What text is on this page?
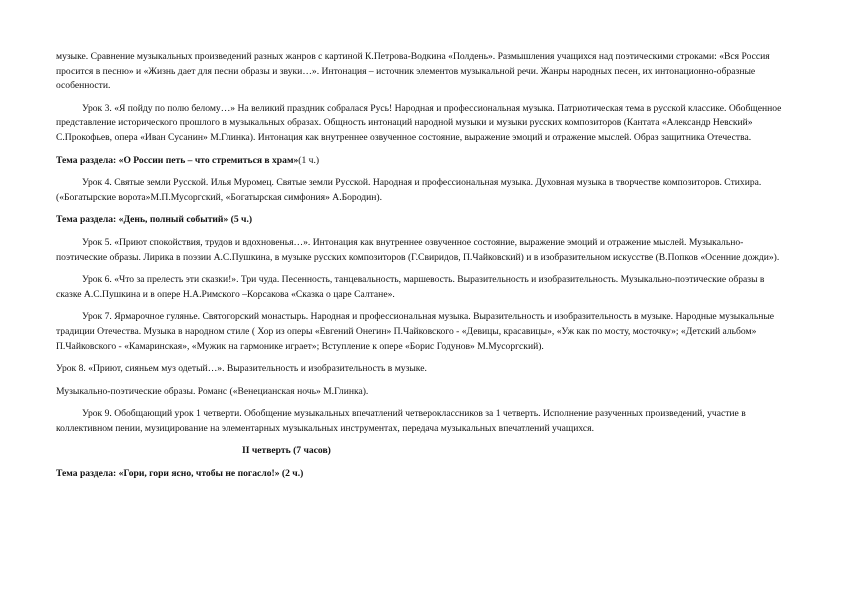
музыке. Сравнение музыкальных произведений разных жанров с картиной К.Петрова-Водкина «Полдень». Размышления учащихся над поэтическими строками: «Вся Россия просится в песню» и «Жизнь дает для песни образы и звуки…». Интонация – источник элементов музыкальной речи. Жанры народных песен, их интонационно-образные особенности.

Урок 3. «Я пойду по полю белому…» На великий праздник собралася Русь! Народная и профессиональная музыка. Патриотическая тема в русской классике. Обобщенное представление исторического прошлого в музыкальных образах. Общность интонаций народной музыки и музыки русских композиторов (Кантата «Александр Невский» С.Прокофьев, опера «Иван Сусанин» М.Глинка). Интонация как внутреннее озвученное состояние, выражение эмоций и отражение мыслей. Образ защитника Отечества.

Тема раздела: «О России петь – что стремиться в храм»(1 ч.)

Урок 4. Святые земли Русской. Илья Муромец. Святые земли Русской. Народная и профессиональная музыка. Духовная музыка в творчестве композиторов. Стихира.(«Богатырские ворота»М.П.Мусоргский, «Богатырская симфония» А.Бородин).

Тема раздела: «День, полный событий» (5 ч.)

Урок 5. «Приют спокойствия, трудов и вдохновенья…». Интонация как внутреннее озвученное состояние, выражение эмоций и отражение мыслей. Музыкально-поэтические образы. Лирика в поэзии А.С.Пушкина, в музыке русских композиторов (Г.Свиридов, П.Чайковский) и в изобразительном искусстве (В.Попков «Осенние дожди»).

Урок 6. «Что за прелесть эти сказки!». Три чуда. Песенность, танцевальность, маршевость. Выразительность и изобразительность. Музыкально-поэтические образы в сказке А.С.Пушкина и в опере Н.А.Римского –Корсакова «Сказка о царе Салтане».

Урок 7. Ярмарочное гулянье. Святогорский монастырь. Народная и профессиональная музыка. Выразительность и изобразительность в музыке. Народные музыкальные традиции Отечества. Музыка в народном стиле ( Хор из оперы «Евгений Онегин» П.Чайковского - «Девицы, красавицы», «Уж как по мосту, мосточку»; «Детский альбом» П.Чайковского - «Камаринская», «Мужик на гармонике играет»; Вступление к опере «Борис Годунов» М.Мусоргский).

Урок 8. «Приют, сияньем муз одетый…». Выразительность и изобразительность в музыке.

Музыкально-поэтические образы. Романс («Венецианская ночь» М.Глинка).

Урок 9. Обобщающий урок 1 четверти. Обобщение музыкальных впечатлений четвероклассников за 1 четверть. Исполнение разученных произведений, участие в коллективном пении, музицирование на элементарных музыкальных инструментах, передача музыкальных впечатлений учащихся.

II четверть (7 часов)

Тема раздела: «Гори, гори ясно, чтобы не погасло!» (2 ч.)
